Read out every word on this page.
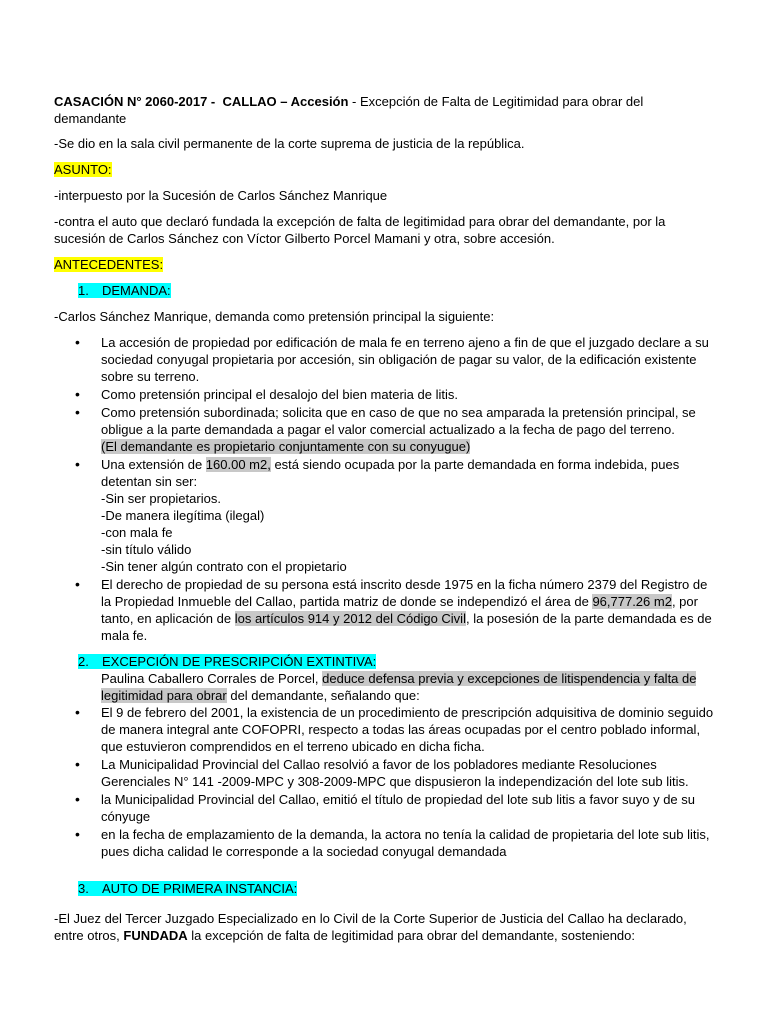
CASACIÓN N° 2060-2017 - CALLAO – Accesión - Excepción de Falta de Legitimidad para obrar del demandante

-Se dio en la sala civil permanente de la corte suprema de justicia de la república.

ASUNTO:

-interpuesto por la Sucesión de Carlos Sánchez Manrique

-contra el auto que declaró fundada la excepción de falta de legitimidad para obrar del demandante, por la sucesión de Carlos Sánchez con Víctor Gilberto Porcel Mamani y otra, sobre accesión.

ANTECEDENTES:

1. DEMANDA:

-Carlos Sánchez Manrique, demanda como pretensión principal la siguiente:

• La accesión de propiedad por edificación de mala fe en terreno ajeno a fin de que el juzgado declare a su sociedad conyugal propietaria por accesión, sin obligación de pagar su valor, de la edificación existente sobre su terreno.
• Como pretensión principal el desalojo del bien materia de litis.
• Como pretensión subordinada; solicita que en caso de que no sea amparada la pretensión principal, se obligue a la parte demandada a pagar el valor comercial actualizado a la fecha de pago del terreno.
(El demandante es propietario conjuntamente con su conyugue)
• Una extensión de 160.00 m2, está siendo ocupada por la parte demandada en forma indebida, pues detentan sin ser:
-Sin ser propietarios.
-De manera ilegítima (ilegal)
-con mala fe
-sin título válido
-Sin tener algún contrato con el propietario
• El derecho de propiedad de su persona está inscrito desde 1975 en la ficha número 2379 del Registro de la Propiedad Inmueble del Callao, partida matriz de donde se independizó el área de 96,777.26 m2, por tanto, en aplicación de los artículos 914 y 2012 del Código Civil, la posesión de la parte demandada es de mala fe.

2. EXCEPCIÓN DE PRESCRIPCIÓN EXTINTIVA:

Paulina Caballero Corrales de Porcel, deduce defensa previa y excepciones de litispendencia y falta de legitimidad para obrar del demandante, señalando que:

• El 9 de febrero del 2001, la existencia de un procedimiento de prescripción adquisitiva de dominio seguido de manera integral ante COFOPRI, respecto a todas las áreas ocupadas por el centro poblado informal, que estuvieron comprendidos en el terreno ubicado en dicha ficha.
• La Municipalidad Provincial del Callao resolvió a favor de los pobladores mediante Resoluciones Gerenciales N° 141 -2009-MPC y 308-2009-MPC que dispusieron la independización del lote sub litis.
• la Municipalidad Provincial del Callao, emitió el título de propiedad del lote sub litis a favor suyo y de su cónyuge
• en la fecha de emplazamiento de la demanda, la actora no tenía la calidad de propietaria del lote sub litis, pues dicha calidad le corresponde a la sociedad conyugal demandada

3. AUTO DE PRIMERA INSTANCIA:

-El Juez del Tercer Juzgado Especializado en lo Civil de la Corte Superior de Justicia del Callao ha declarado, entre otros, FUNDADA la excepción de falta de legitimidad para obrar del demandante, sosteniendo:
